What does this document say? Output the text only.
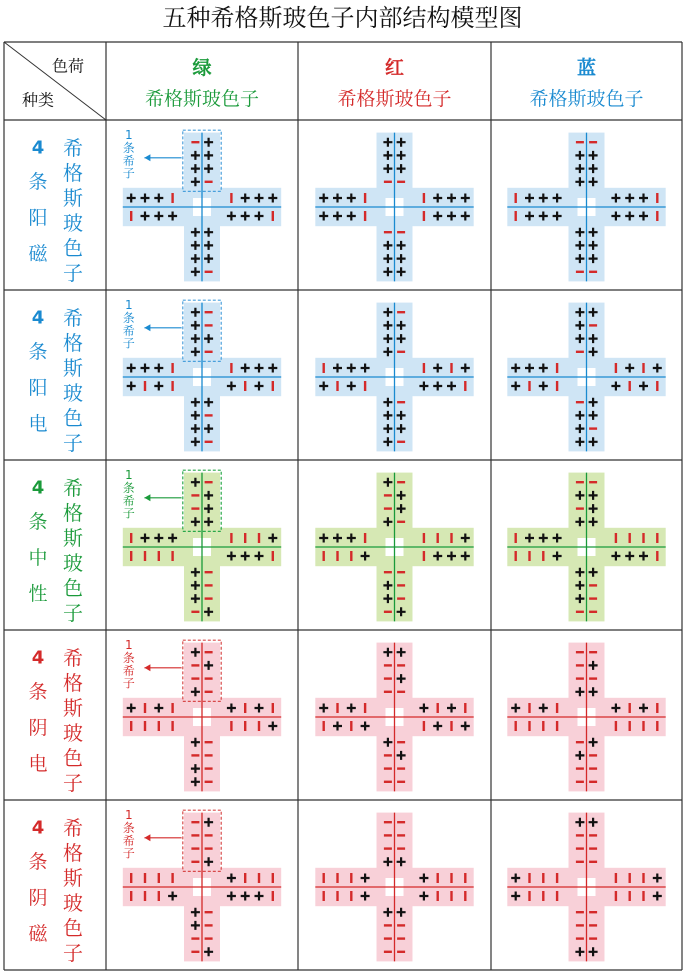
五种希格斯玻色子内部结构模型图
色荷
种类
绿
希格斯玻色子
红
希格斯玻色子
蓝
希格斯玻色子
4
条
阳
磁
希
格
斯
玻
色
子
1
条
希
子
4
条
阳
电
希
格
斯
玻
色
子
1
条
希
子
4
条
中
性
希
格
斯
玻
色
子
1
条
希
子
4
条
阴
电
希
格
斯
玻
色
子
1
条
希
子
4
条
阴
磁
希
格
斯
玻
色
子
1
条
希
子
